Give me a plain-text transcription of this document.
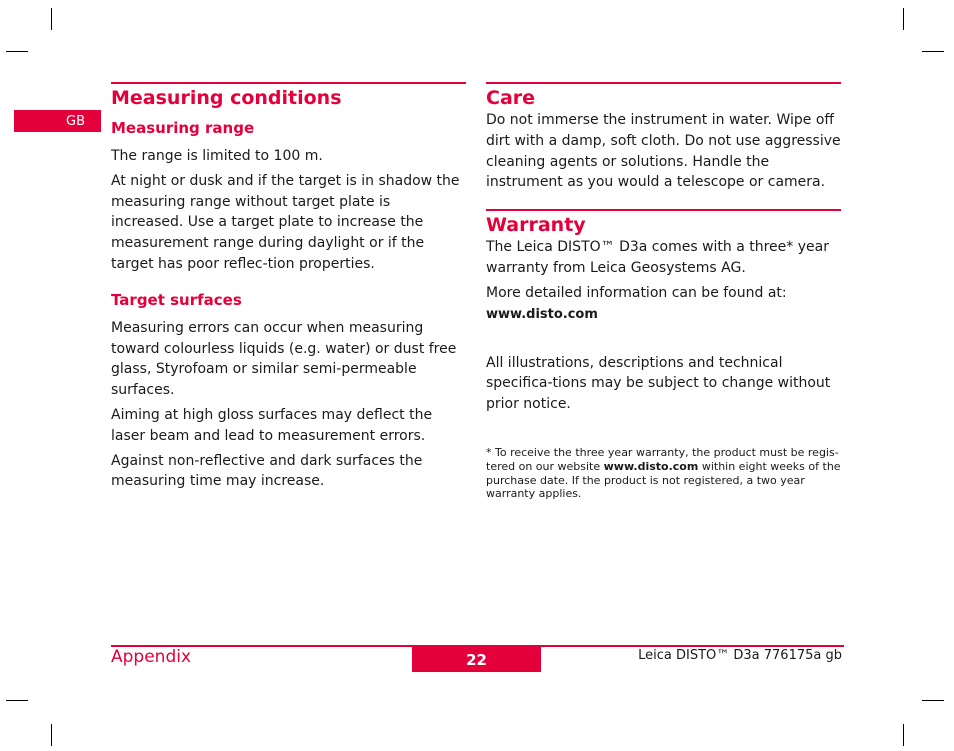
GB
Measuring conditions
Measuring range

The range is limited to 100 m.

At night or dusk and if the target is in shadow the measuring range without target plate is increased. Use a target plate to increase the measurement range during daylight or if the target has poor reflec-tion properties.

Target surfaces

Measuring errors can occur when measuring toward colourless liquids (e.g. water) or dust free glass, Styrofoam or similar semi-permeable surfaces.

Aiming at high gloss surfaces may deflect the laser beam and lead to measurement errors.

Against non-reflective and dark surfaces the measuring time may increase.

Care

Do not immerse the instrument in water. Wipe off dirt with a damp, soft cloth. Do not use aggressive cleaning agents or solutions. Handle the instrument as you would a telescope or camera.

Warranty

The Leica DISTO™ D3a comes with a three* year warranty from Leica Geosystems AG.

More detailed information can be found at:
www.disto.com

All illustrations, descriptions and technical specifica-tions may be subject to change without prior notice.

* To receive the three year warranty, the product must be regis-tered on our website www.disto.com within eight weeks of the purchase date. If the product is not registered, a two year warranty applies.
Appendix	22	Leica DISTO™ D3a 776175a gb
